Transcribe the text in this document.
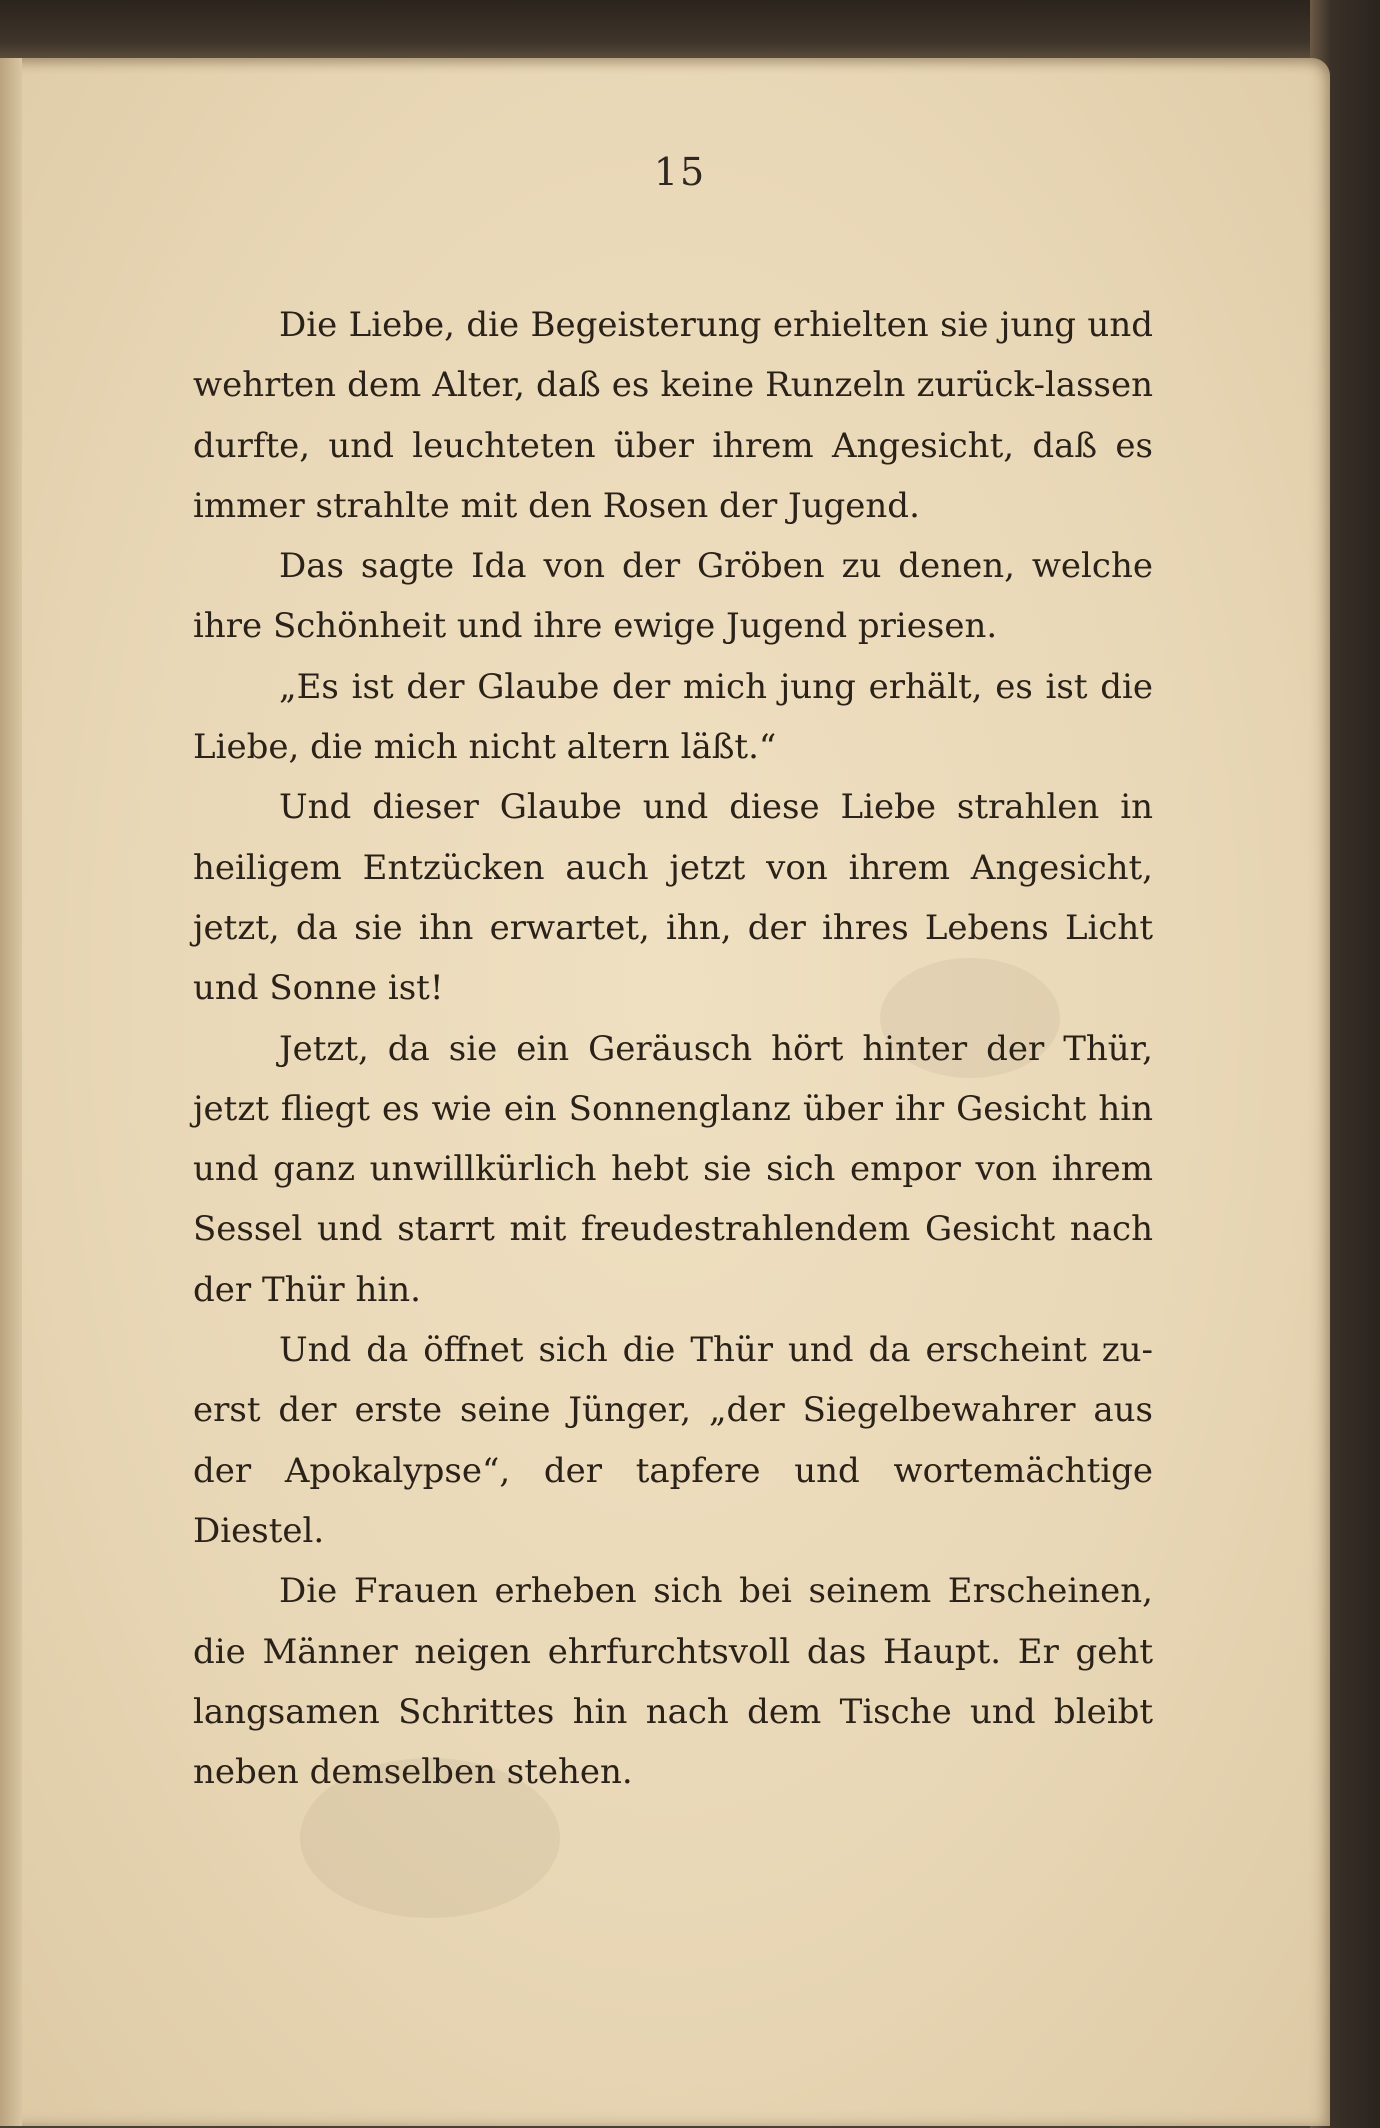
15

Die Liebe, die Begeisterung erhielten sie jung und wehrten dem Alter, daß es keine Runzeln zurück-lassen durfte, und leuchteten über ihrem Angesicht, daß es immer strahlte mit den Rosen der Jugend.

Das sagte Ida von der Gröben zu denen, welche ihre Schönheit und ihre ewige Jugend priesen.

„Es ist der Glaube der mich jung erhält, es ist die Liebe, die mich nicht altern läßt.“

Und dieser Glaube und diese Liebe strahlen in heiligem Entzücken auch jetzt von ihrem Angesicht, jetzt, da sie ihn erwartet, ihn, der ihres Lebens Licht und Sonne ist!

Jetzt, da sie ein Geräusch hört hinter der Thür, jetzt fliegt es wie ein Sonnenglanz über ihr Gesicht hin und ganz unwillkürlich hebt sie sich empor von ihrem Sessel und starrt mit freudestrahlendem Gesicht nach der Thür hin.

Und da öffnet sich die Thür und da erscheint zu-erst der erste seine Jünger, „der Siegelbewahrer aus der Apokalypse“, der tapfere und wortemächtige Diestel.

Die Frauen erheben sich bei seinem Erscheinen, die Männer neigen ehrfurchtsvoll das Haupt. Er geht langsamen Schrittes hin nach dem Tische und bleibt neben demselben stehen.
